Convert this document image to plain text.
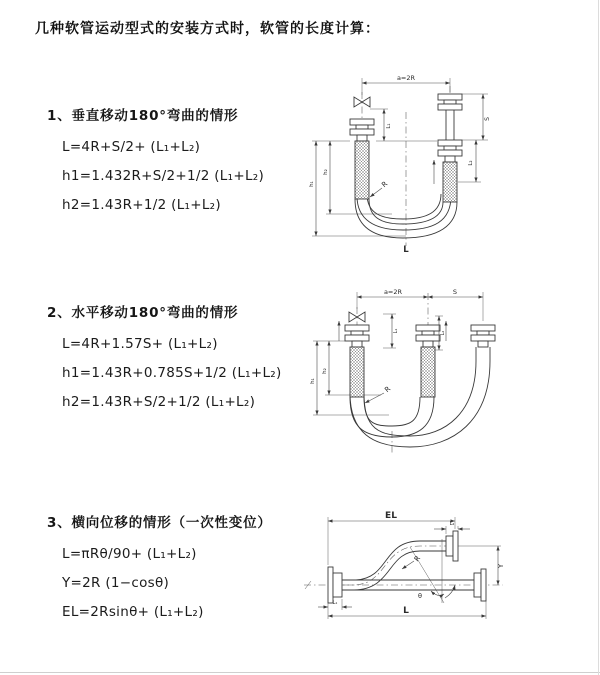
几种软管运动型式的安装方式时，软管的长度计算：
1、垂直移动180°弯曲的情形
L=4R+S/2+ (L₁+L₂)
h1=1.432R+S/2+1/2 (L₁+L₂)
h2=1.43R+1/2 (L₁+L₂)
2、水平移动180°弯曲的情形
L=4R+1.57S+ (L₁+L₂)
h1=1.43R+0.785S+1/2 (L₁+L₂)
h2=1.43R+S/2+1/2 (L₁+L₂)
3、横向位移的情形（一次性变位）
L=πRθ/90+ (L₁+L₂)
Y=2R (1−cosθ)
EL=2Rsinθ+ (L₁+L₂)
a=2R
S
L₂
L₁
h₂
h₁	R
L
a=2R	S
L₁	L₂
h₂
h₁
R
EL
L₂
Y
R
θ
L
L₁
